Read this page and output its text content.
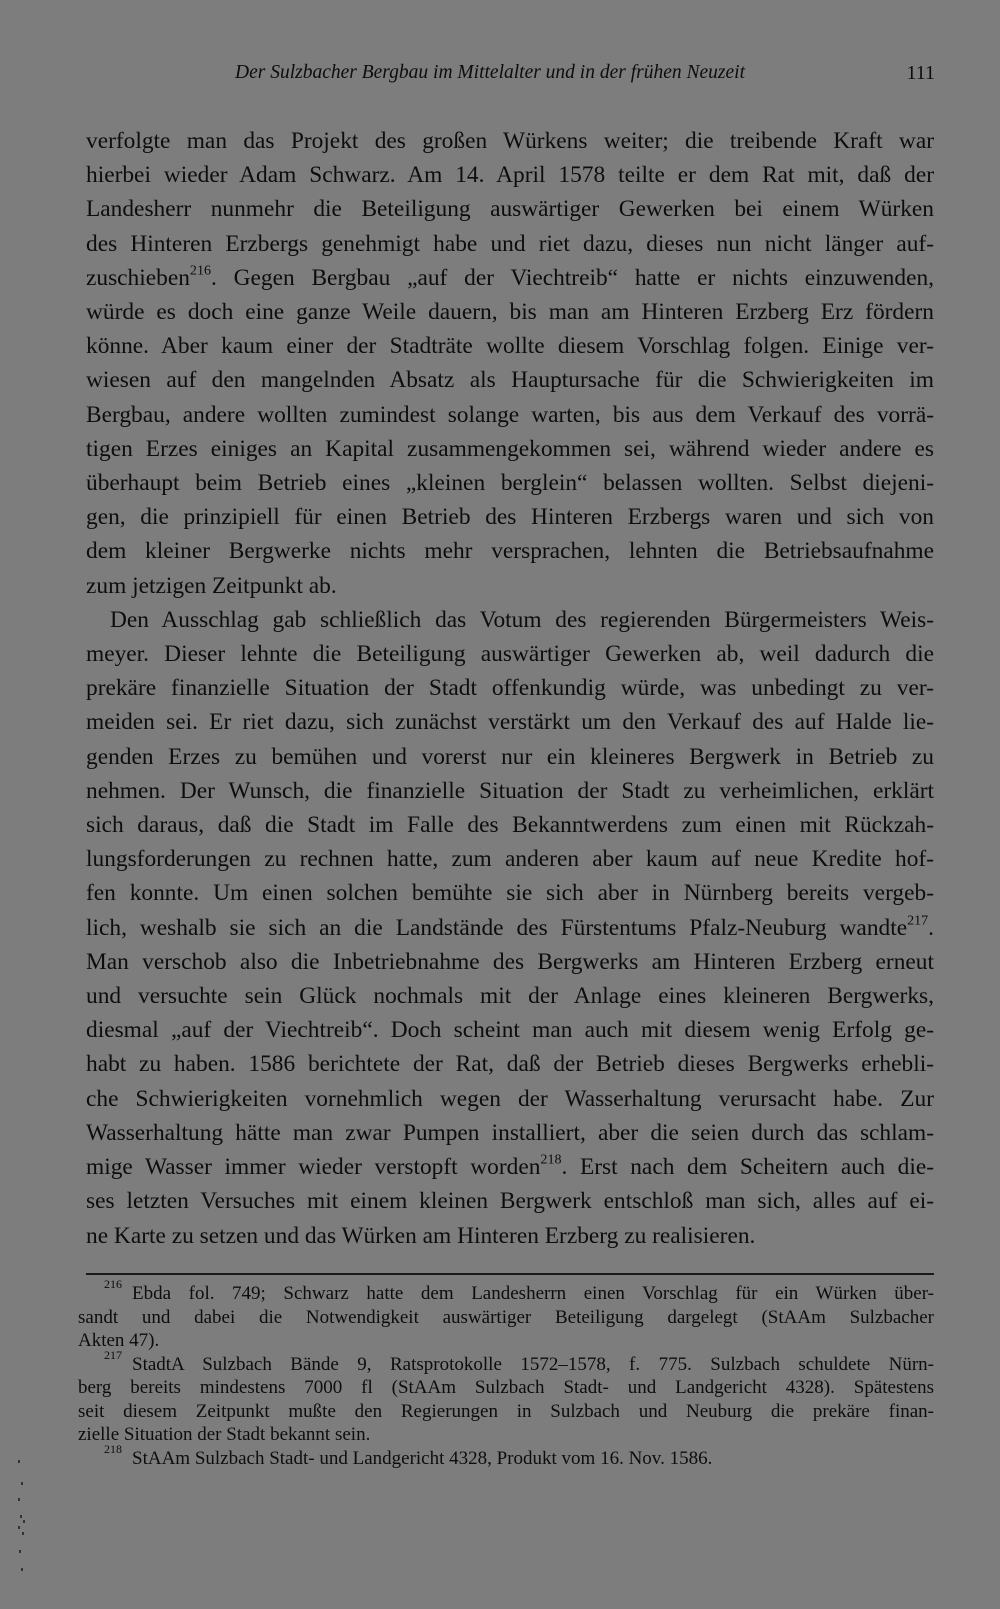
Der Sulzbacher Bergbau im Mittelalter und in der frühen Neuzeit	111
verfolgte man das Projekt des großen Würkens weiter; die treibende Kraft war
hierbei wieder Adam Schwarz. Am 14. April 1578 teilte er dem Rat mit, daß der
Landesherr nunmehr die Beteiligung auswärtiger Gewerken bei einem Würken
des Hinteren Erzbergs genehmigt habe und riet dazu, dieses nun nicht länger auf-
zuschieben$^{216}$. Gegen Bergbau „auf der Viechtreib“ hatte er nichts einzuwenden,
würde es doch eine ganze Weile dauern, bis man am Hinteren Erzberg Erz fördern
könne. Aber kaum einer der Stadträte wollte diesem Vorschlag folgen. Einige ver-
wiesen auf den mangelnden Absatz als Hauptursache für die Schwierigkeiten im
Bergbau, andere wollten zumindest solange warten, bis aus dem Verkauf des vorrä-
tigen Erzes einiges an Kapital zusammengekommen sei, während wieder andere es
überhaupt beim Betrieb eines „kleinen berglein“ belassen wollten. Selbst diejeni-
gen, die prinzipiell für einen Betrieb des Hinteren Erzbergs waren und sich von
dem kleiner Bergwerke nichts mehr versprachen, lehnten die Betriebsaufnahme
zum jetzigen Zeitpunkt ab.
Den Ausschlag gab schließlich das Votum des regierenden Bürgermeisters Weis-
meyer. Dieser lehnte die Beteiligung auswärtiger Gewerken ab, weil dadurch die
prekäre finanzielle Situation der Stadt offenkundig würde, was unbedingt zu ver-
meiden sei. Er riet dazu, sich zunächst verstärkt um den Verkauf des auf Halde lie-
genden Erzes zu bemühen und vorerst nur ein kleineres Bergwerk in Betrieb zu
nehmen. Der Wunsch, die finanzielle Situation der Stadt zu verheimlichen, erklärt
sich daraus, daß die Stadt im Falle des Bekanntwerdens zum einen mit Rückzah-
lungsforderungen zu rechnen hatte, zum anderen aber kaum auf neue Kredite hof-
fen konnte. Um einen solchen bemühte sie sich aber in Nürnberg bereits vergeb-
lich, weshalb sie sich an die Landstände des Fürstentums Pfalz-Neuburg wandte$^{217}$.
Man verschob also die Inbetriebnahme des Bergwerks am Hinteren Erzberg erneut
und versuchte sein Glück nochmals mit der Anlage eines kleineren Bergwerks,
diesmal „auf der Viechtreib“. Doch scheint man auch mit diesem wenig Erfolg ge-
habt zu haben. 1586 berichtete der Rat, daß der Betrieb dieses Bergwerks erhebli-
che Schwierigkeiten vornehmlich wegen der Wasserhaltung verursacht habe. Zur
Wasserhaltung hätte man zwar Pumpen installiert, aber die seien durch das schlam-
mige Wasser immer wieder verstopft worden$^{218}$. Erst nach dem Scheitern auch die-
ses letzten Versuches mit einem kleinen Bergwerk entschloß man sich, alles auf ei-
ne Karte zu setzen und das Würken am Hinteren Erzberg zu realisieren.
$^{216}$ Ebda fol. 749; Schwarz hatte dem Landesherrn einen Vorschlag für ein Würken über-
sandt und dabei die Notwendigkeit auswärtiger Beteiligung dargelegt (StAAm Sulzbacher
Akten 47).
$^{217}$ StadtA Sulzbach Bände 9, Ratsprotokolle 1572–1578, f. 775. Sulzbach schuldete Nürn-
berg bereits mindestens 7000 fl (StAAm Sulzbach Stadt- und Landgericht 4328). Spätestens
seit diesem Zeitpunkt mußte den Regierungen in Sulzbach und Neuburg die prekäre finan-
zielle Situation der Stadt bekannt sein.
$^{218}$ StAAm Sulzbach Stadt- und Landgericht 4328, Produkt vom 16. Nov. 1586.
